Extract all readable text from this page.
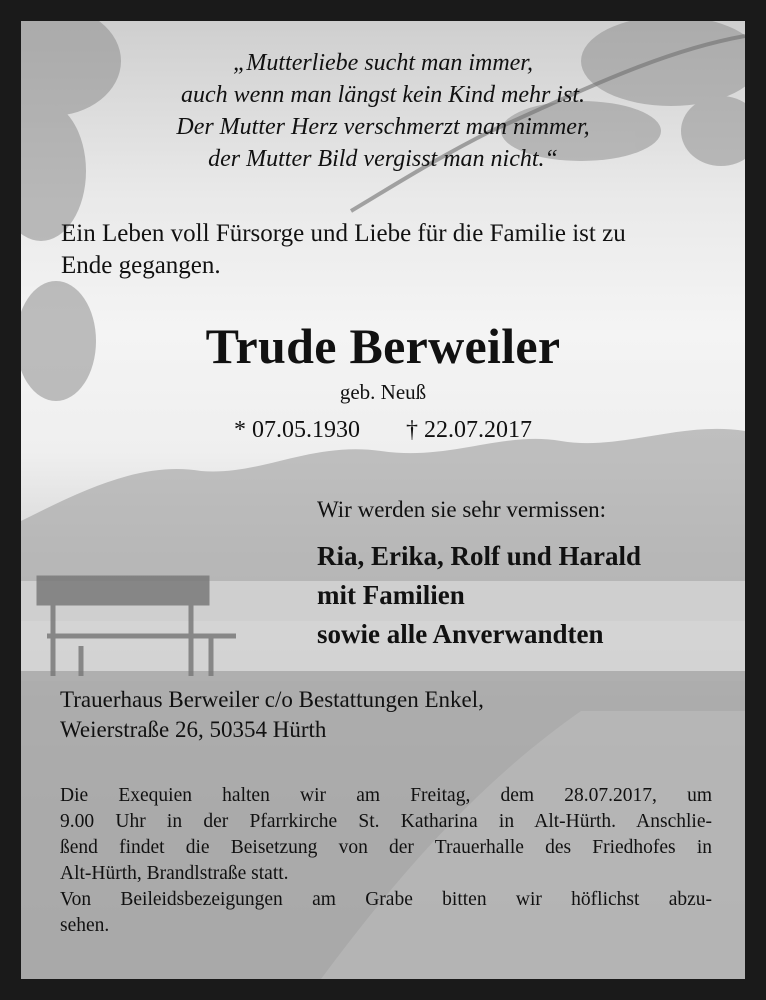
„Mutterliebe sucht man immer,
auch wenn man längst kein Kind mehr ist.
Der Mutter Herz verschmerzt man nimmer,
der Mutter Bild vergisst man nicht.“
Ein Leben voll Fürsorge und Liebe für die Familie ist zu
Ende gegangen.
Trude Berweiler
geb. Neuß
* 07.05.1930 † 22.07.2017
Wir werden sie sehr vermissen:
Ria, Erika, Rolf und Harald
mit Familien
sowie alle Anverwandten
Trauerhaus Berweiler c/o Bestattungen Enkel,
Weierstraße 26, 50354 Hürth
Die Exequien halten wir am Freitag, dem 28.07.2017, um
9.00 Uhr in der Pfarrkirche St. Katharina in Alt-Hürth. Anschlie-
ßend findet die Beisetzung von der Trauerhalle des Friedhofes in
Alt-Hürth, Brandlstraße statt.
Von Beileidsbezeigungen am Grabe bitten wir höflichst abzu-
sehen.
